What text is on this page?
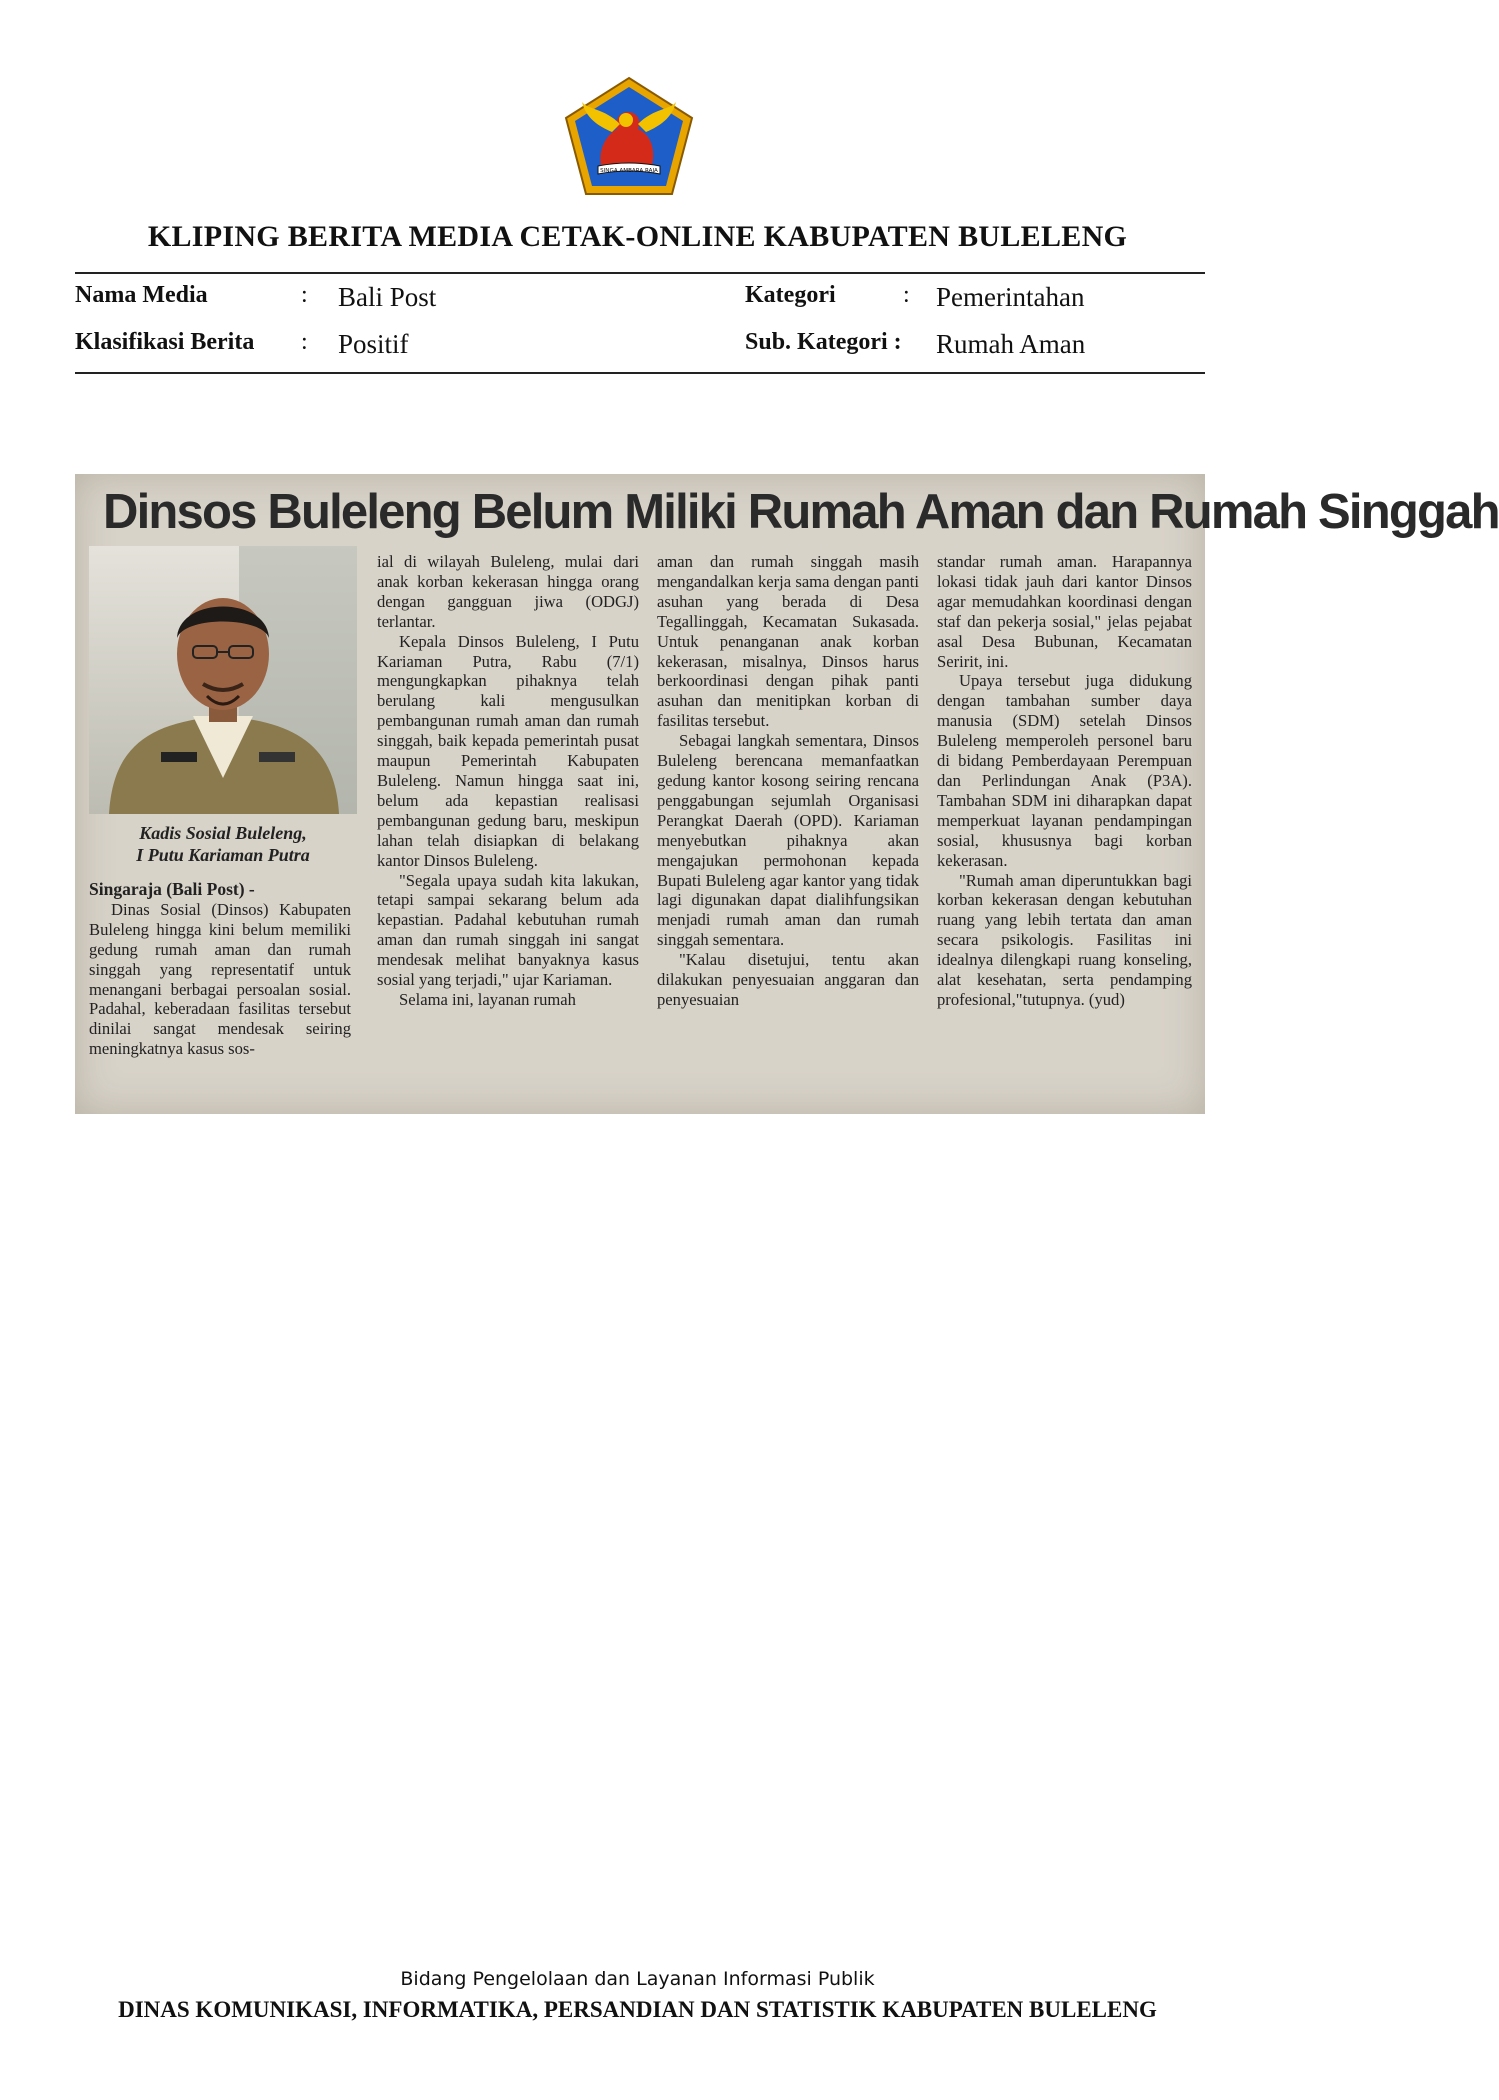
SINGA AMBARA RAJA
KLIPING BERITA MEDIA CETAK-ONLINE KABUPATEN BULELENG
Nama Media	: Bali Post
Klasifikasi Berita : Positif
Kategori	: Pemerintahan
Sub. Kategori : Rumah Aman
Dinsos Buleleng Belum Miliki Rumah Aman dan Rumah Singgah
Kadis Sosial Buleleng,
I Putu Kariaman Putra

Singaraja (Bali Post) -

Dinas Sosial (Dinsos) Kabupaten Buleleng hingga kini belum memiliki gedung rumah aman dan rumah singgah yang representatif untuk menangani berbagai persoalan sosial. Padahal, keberadaan fasilitas tersebut dinilai sangat mendesak seiring meningkatnya kasus sos-

ial di wilayah Buleleng, mulai dari anak korban kekerasan hingga orang dengan gangguan jiwa (ODGJ) terlantar.

Kepala Dinsos Buleleng, I Putu Kariaman Putra, Rabu (7/1) mengungkapkan pihaknya telah berulang kali mengusulkan pembangunan rumah aman dan rumah singgah, baik kepada pemerintah pusat maupun Pemerintah Kabupaten Buleleng. Namun hingga saat ini, belum ada kepastian realisasi pembangunan gedung baru, meskipun lahan telah disiapkan di belakang kantor Dinsos Buleleng.

"Segala upaya sudah kita lakukan, tetapi sampai sekarang belum ada kepastian. Padahal kebutuhan rumah aman dan rumah singgah ini sangat mendesak melihat banyaknya kasus sosial yang terjadi," ujar Kariaman.

Selama ini, layanan rumah

aman dan rumah singgah masih mengandalkan kerja sama dengan panti asuhan yang berada di Desa Tegallinggah, Kecamatan Sukasada. Untuk penanganan anak korban kekerasan, misalnya, Dinsos harus berkoordinasi dengan pihak panti asuhan dan menitipkan korban di fasilitas tersebut.

Sebagai langkah sementara, Dinsos Buleleng berencana memanfaatkan gedung kantor kosong seiring rencana penggabungan sejumlah Organisasi Perangkat Daerah (OPD). Kariaman menyebutkan pihaknya akan mengajukan permohonan kepada Bupati Buleleng agar kantor yang tidak lagi digunakan dapat dialihfungsikan menjadi rumah aman dan rumah singgah sementara.

"Kalau disetujui, tentu akan dilakukan penyesuaian anggaran dan penyesuaian

standar rumah aman. Harapannya lokasi tidak jauh dari kantor Dinsos agar memudahkan koordinasi dengan staf dan pekerja sosial," jelas pejabat asal Desa Bubunan, Kecamatan Seririt, ini.

Upaya tersebut juga didukung dengan tambahan sumber daya manusia (SDM) setelah Dinsos Buleleng memperoleh personel baru di bidang Pemberdayaan Perempuan dan Perlindungan Anak (P3A). Tambahan SDM ini diharapkan dapat memperkuat layanan pendampingan sosial, khususnya bagi korban kekerasan.

"Rumah aman diperuntukkan bagi korban kekerasan dengan kebutuhan ruang yang lebih tertata dan aman secara psikologis. Fasilitas ini idealnya dilengkapi ruang konseling, alat kesehatan, serta pendamping profesional,"tutupnya. (yud)

Bidang Pengelolaan dan Layanan Informasi Publik
DINAS KOMUNIKASI, INFORMATIKA, PERSANDIAN DAN STATISTIK KABUPATEN BULELENG
